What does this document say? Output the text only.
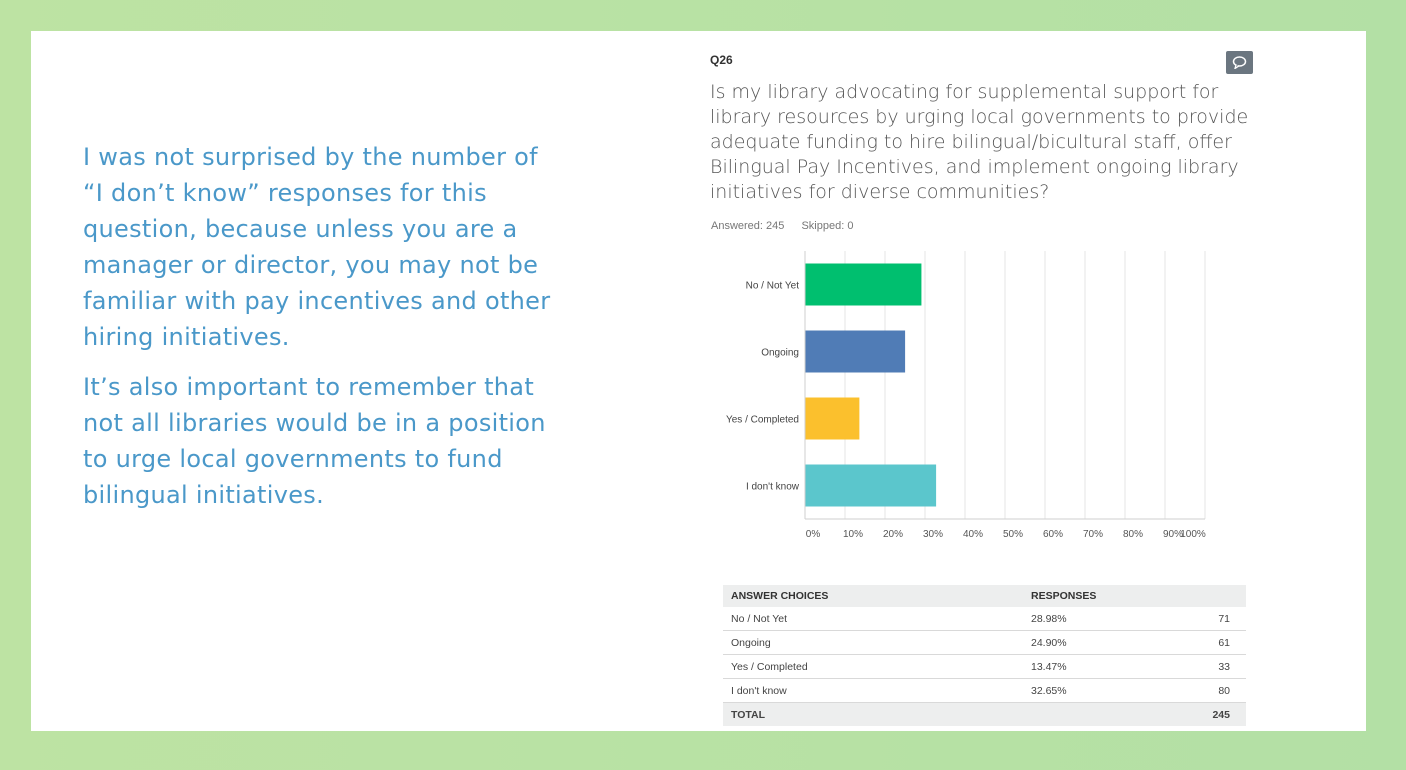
I was not surprised by the number of “I don’t know” responses for this question, because unless you are a manager or director, you may not be familiar with pay incentives and other hiring initiatives.

It’s also important to remember that not all libraries would be in a position to urge local governments to fund bilingual initiatives.

Q26
Is my library advocating for supplemental support for library resources by urging local governments to provide adequate funding to hire bilingual/bicultural staff, offer Bilingual Pay Incentives, and implement ongoing library initiatives for diverse communities?
Answered: 245 Skipped: 0
0% 10% 20% 30% 40% 50% 60% 70% 80% 90%
100%
No / Not Yet
Ongoing
Yes / Completed
I don't know
ANSWER CHOICES	RESPONSES	
No / Not Yet	28.98%	71
Ongoing	24.90%	61
Yes / Completed	13.47%	33
I don't know	32.65%	80
TOTAL		245
